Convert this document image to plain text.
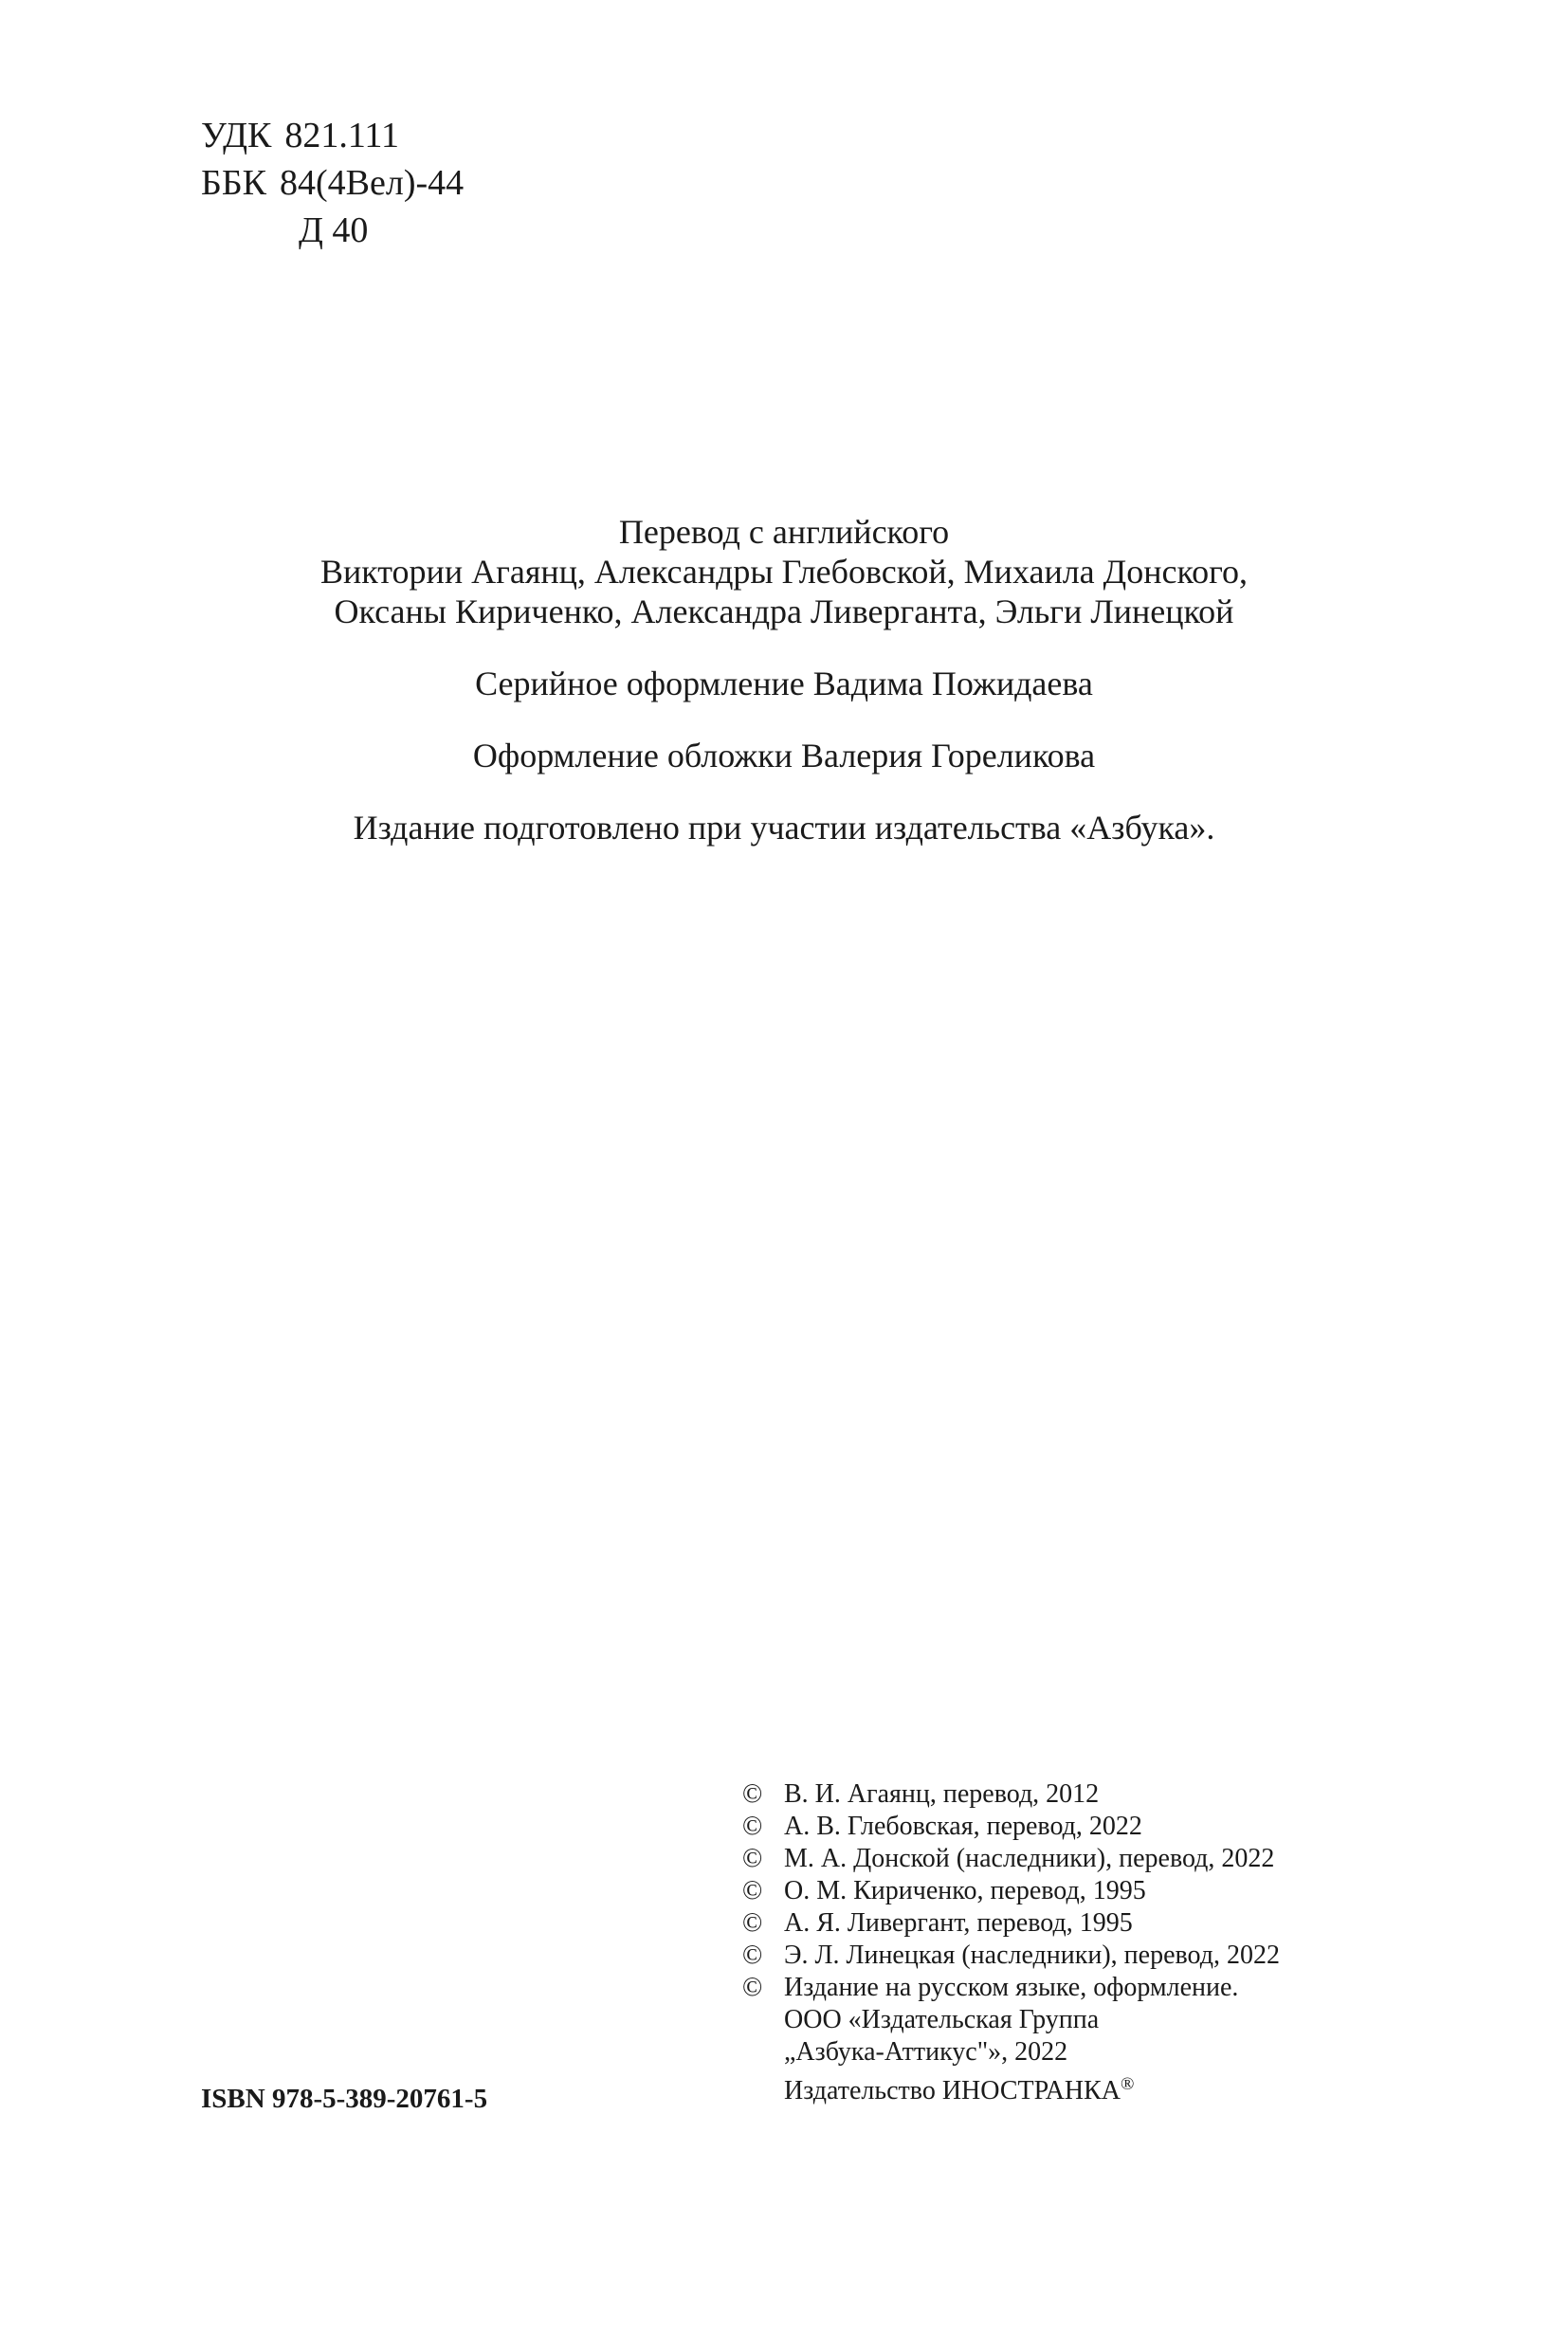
УДК 821.111
ББК 84(4Вел)-44
Д 40
Перевод с английского
Виктории Агаянц, Александры Глебовской, Михаила Донского,
Оксаны Кириченко, Александра Ливерганта, Эльги Линецкой
Серийное оформление Вадима Пожидаева
Оформление обложки Валерия Гореликова
Издание подготовлено при участии издательства «Азбука».
ISBN 978-5-389-20761-5
© В. И. Агаянц, перевод, 2012
© А. В. Глебовская, перевод, 2022
© М. А. Донской (наследники), перевод, 2022
© О. М. Кириченко, перевод, 1995
© А. Я. Ливергант, перевод, 1995
© Э. Л. Линецкая (наследники), перевод, 2022
© Издание на русском языке, оформление.
ООО «Издательская Группа
„Азбука-Аттикус"», 2022
Издательство ИНОСТРАНКА®
